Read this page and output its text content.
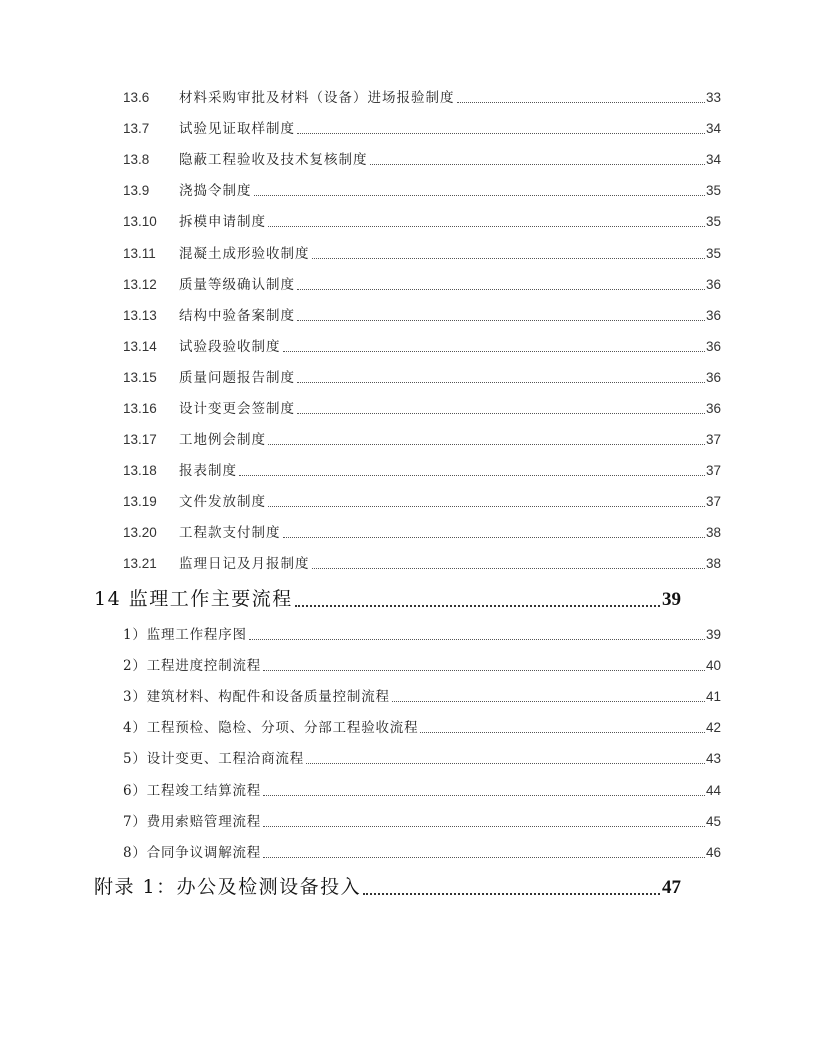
13.6	材料采购审批及材料（设备）进场报验制度	33
13.7	试验见证取样制度	34
13.8	隐蔽工程验收及技术复核制度	34
13.9	浇捣令制度	35
13.10	拆模申请制度	35
13.11	混凝土成形验收制度	35
13.12	质量等级确认制度	36
13.13	结构中验备案制度	36
13.14	试验段验收制度	36
13.15	质量问题报告制度	36
13.16	设计变更会签制度	36
13.17	工地例会制度	37
13.18	报表制度	37
13.19	文件发放制度	37
13.20	工程款支付制度	38
13.21	监理日记及月报制度	38
14 监理工作主要流程	39
1）监理工作程序图	39
2）工程进度控制流程	40
3）建筑材料、构配件和设备质量控制流程	41
4）工程预检、隐检、分项、分部工程验收流程	42
5）设计变更、工程洽商流程	43
6）工程竣工结算流程	44
7）费用索赔管理流程	45
8）合同争议调解流程	46
附录 1：办公及检测设备投入	47
